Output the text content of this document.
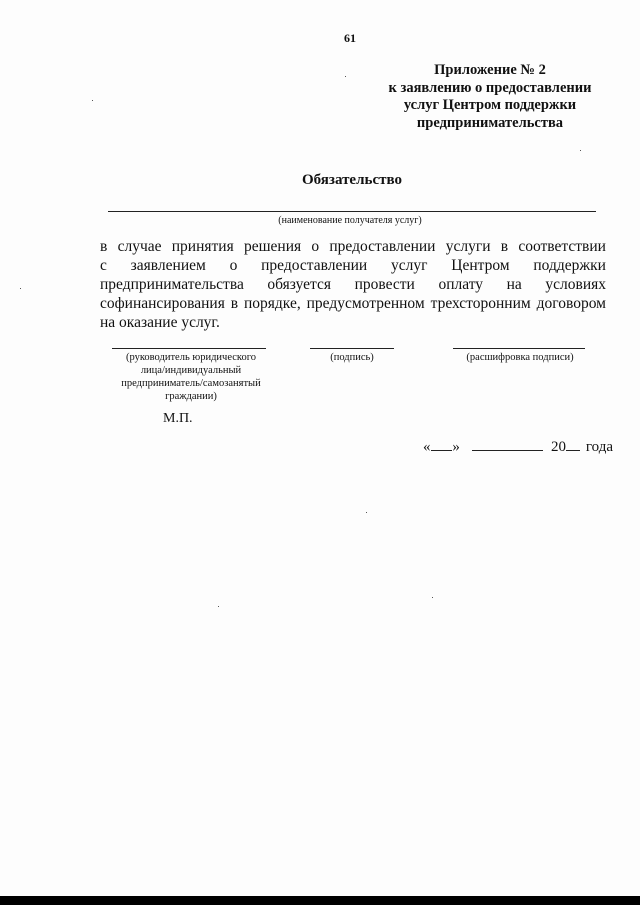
61
Приложение № 2
к заявлению о предоставлении
услуг Центром поддержки
предпринимательства
Обязательство
(наименование получателя услуг)
в случае принятия решения о предоставлении услуги в соответствии
с заявлением о предоставлении услуг Центром поддержки
предпринимательства обязуется провести оплату на условиях
софинансирования в порядке, предусмотренном трехсторонним договором
на оказание услуг.
(руководитель юридического
лица/индивидуальный
предприниматель/самозанятый
граждании)
(подпись)	(расшифровка подписи)
М.П.
« »	20 года
